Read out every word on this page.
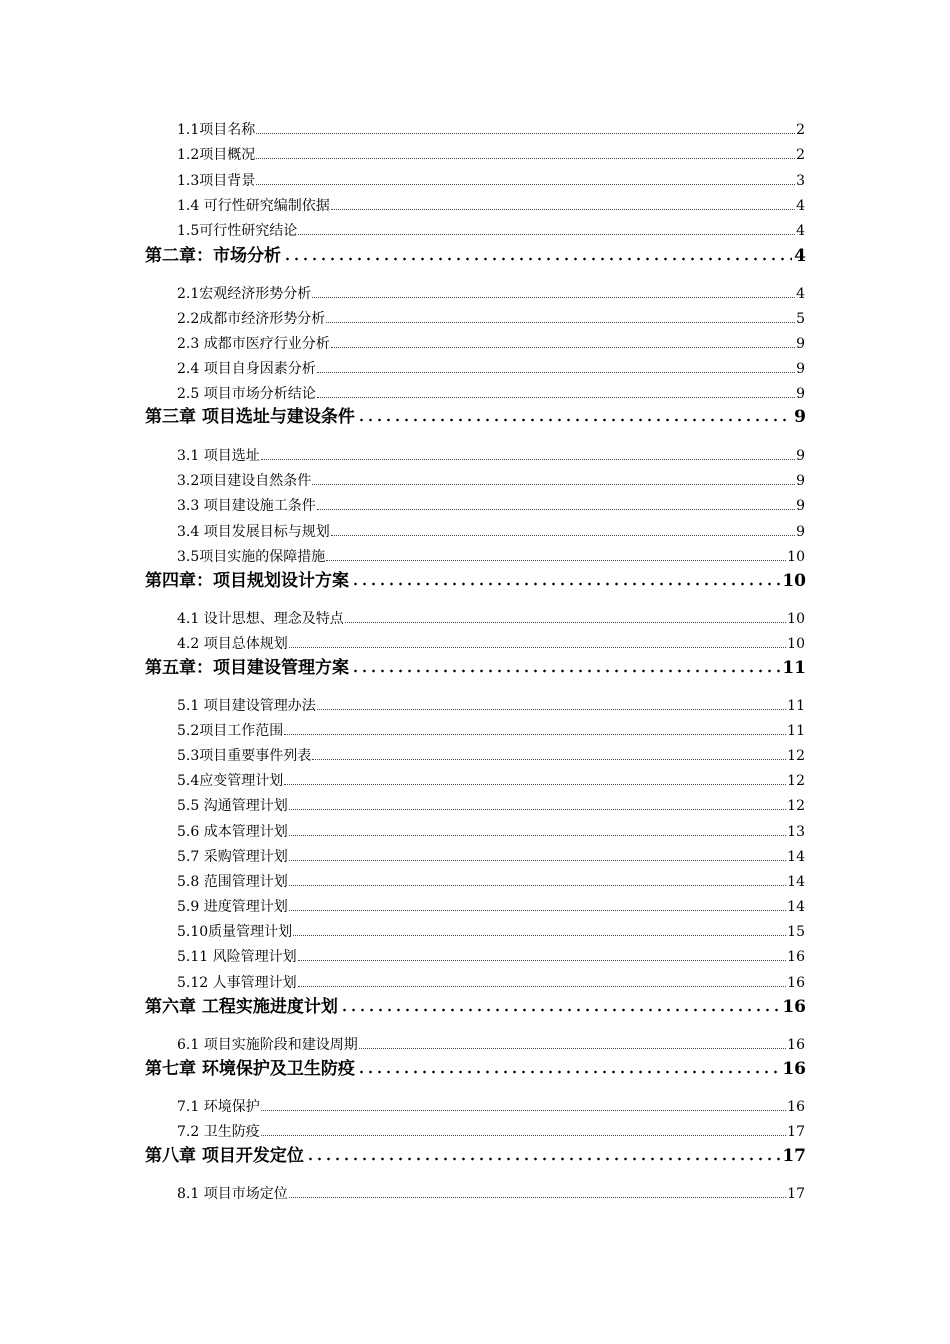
1.1项目名称	2
1.2项目概况	2
1.3项目背景	3
1.4 可行性研究编制依据	4
1.5可行性研究结论	4
第二章：市场分析	4
2.1宏观经济形势分析	4
2.2成都市经济形势分析	5
2.3 成都市医疗行业分析	9
2.4 项目自身因素分析	9
2.5 项目市场分析结论	9
第三章 项目选址与建设条件	9
3.1 项目选址	9
3.2项目建设自然条件	9
3.3 项目建设施工条件	9
3.4 项目发展目标与规划	9
3.5项目实施的保障措施	10
第四章：项目规划设计方案	10
4.1 设计思想、理念及特点	10
4.2 项目总体规划	10
第五章：项目建设管理方案	11
5.1 项目建设管理办法	11
5.2项目工作范围	11
5.3项目重要事件列表	12
5.4应变管理计划	12
5.5 沟通管理计划	12
5.6 成本管理计划	13
5.7 采购管理计划	14
5.8 范围管理计划	14
5.9 进度管理计划	14
5.10质量管理计划	15
5.11 风险管理计划	16
5.12 人事管理计划	16
第六章 工程实施进度计划	16
6.1 项目实施阶段和建设周期	16
第七章 环境保护及卫生防疫	16
7.1 环境保护	16
7.2 卫生防疫	17
第八章 项目开发定位	17
8.1 项目市场定位	17
